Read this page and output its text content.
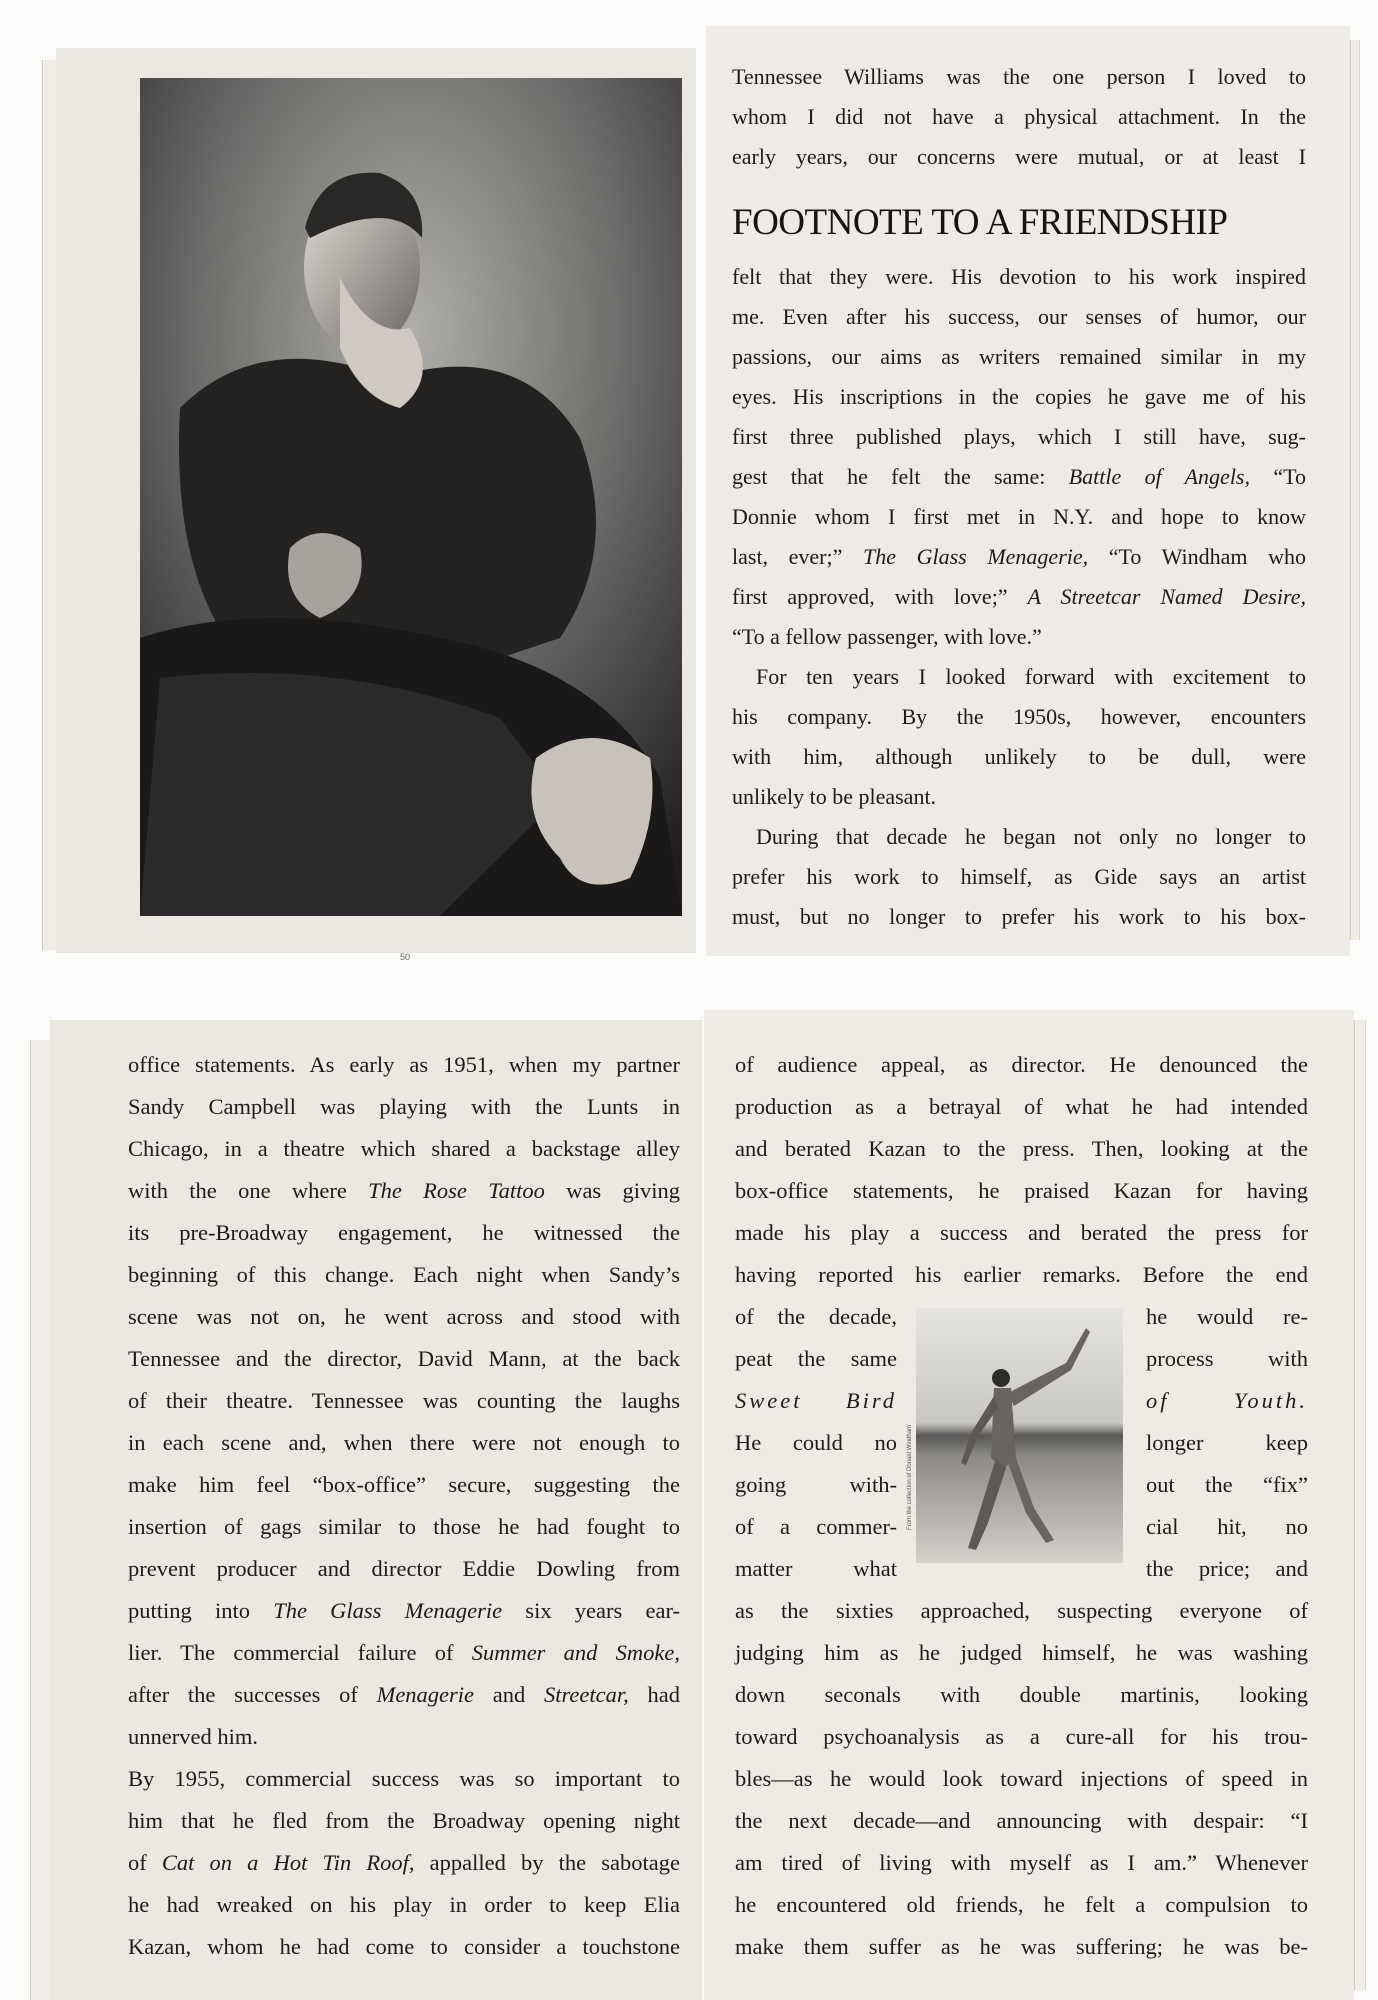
50
Tennessee Williams was the one person I loved to
whom I did not have a physical attachment. In the
early years, our concerns were mutual, or at least I
FOOTNOTE TO A FRIENDSHIP
felt that they were. His devotion to his work inspired
me. Even after his success, our senses of humor, our
passions, our aims as writers remained similar in my
eyes. His inscriptions in the copies he gave me of his
first three published plays, which I still have, sug-
gest that he felt the same: Battle of Angels, “To
Donnie whom I first met in N.Y. and hope to know
last, ever;” The Glass Menagerie, “To Windham who
first approved, with love;” A Streetcar Named Desire,
“To a fellow passenger, with love.”
For ten years I looked forward with excitement to
his company. By the 1950s, however, encounters
with him, although unlikely to be dull, were
unlikely to be pleasant.
During that decade he began not only no longer to
prefer his work to himself, as Gide says an artist
must, but no longer to prefer his work to his box-
office statements. As early as 1951, when my partner
Sandy Campbell was playing with the Lunts in
Chicago, in a theatre which shared a backstage alley
with the one where The Rose Tattoo was giving
its pre-Broadway engagement, he witnessed the
beginning of this change. Each night when Sandy’s
scene was not on, he went across and stood with
Tennessee and the director, David Mann, at the back
of their theatre. Tennessee was counting the laughs
in each scene and, when there were not enough to
make him feel “box-office” secure, suggesting the
insertion of gags similar to those he had fought to
prevent producer and director Eddie Dowling from
putting into The Glass Menagerie six years ear-
lier. The commercial failure of Summer and Smoke,
after the successes of Menagerie and Streetcar, had
unnerved him.
By 1955, commercial success was so important to
him that he fled from the Broadway opening night
of Cat on a Hot Tin Roof, appalled by the sabotage
he had wreaked on his play in order to keep Elia
Kazan, whom he had come to consider a touchstone
of audience appeal, as director. He denounced the
production as a betrayal of what he had intended
and berated Kazan to the press. Then, looking at the
box-office statements, he praised Kazan for having
made his play a success and berated the press for
having reported his earlier remarks. Before the end
of the decade,	he would re-
peat the same	process with
Sweet Bird	of Youth.
He could no	longer keep
going with-	out the “fix”
of a commer-	cial hit, no
matter what	the price; and
as the sixties approached, suspecting everyone of
judging him as he judged himself, he was washing
down seconals with double martinis, looking
toward psychoanalysis as a cure-all for his trou-
bles—as he would look toward injections of speed in
the next decade—and announcing with despair: “I
am tired of living with myself as I am.” Whenever
he encountered old friends, he felt a compulsion to
make them suffer as he was suffering; he was be-
From the collection of Donald Windham
